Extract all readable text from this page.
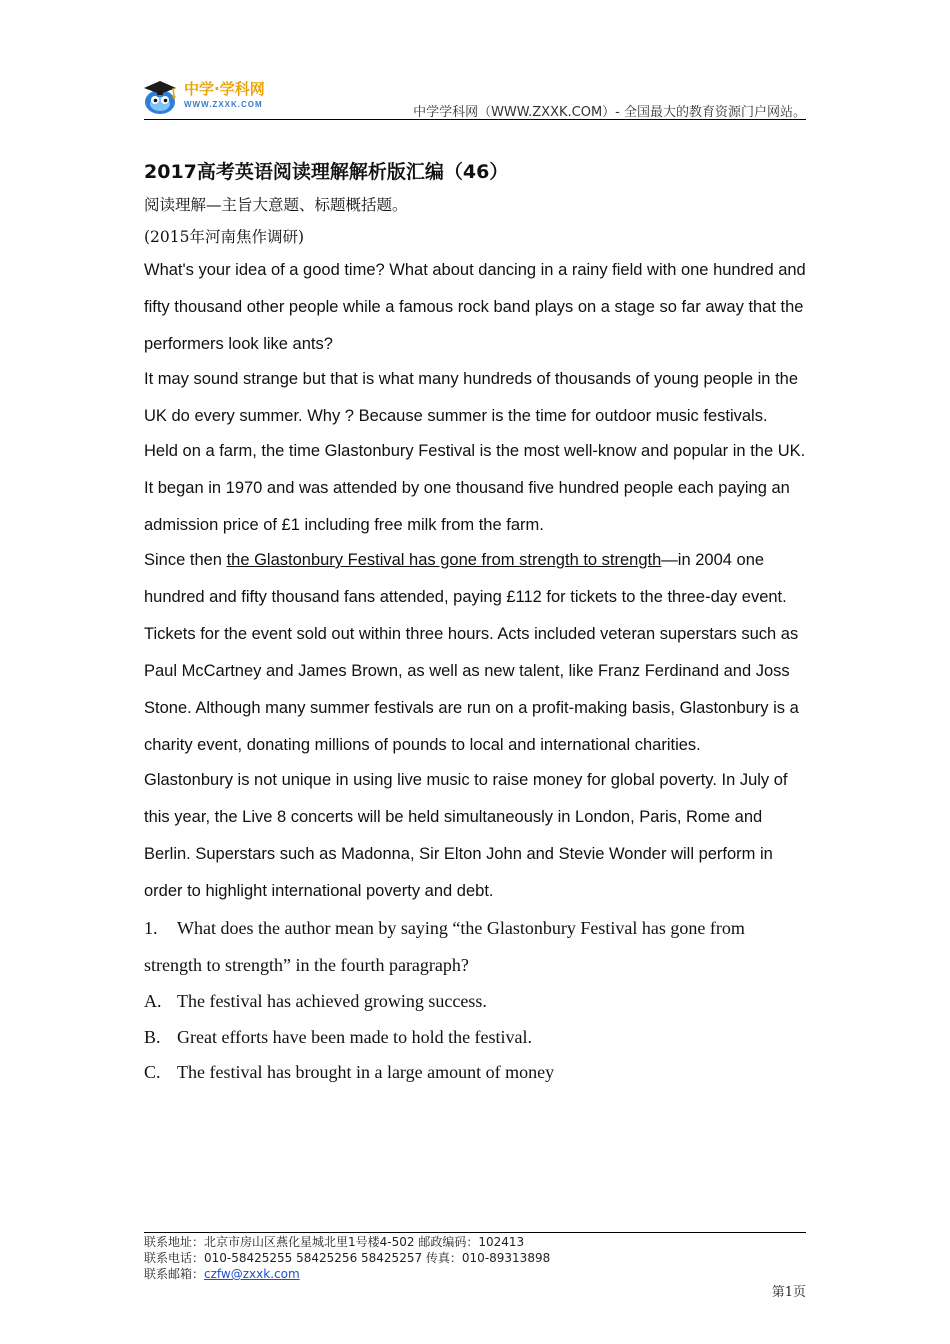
中学·学科网
WWW.ZXXK.COM
中学学科网（WWW.ZXXK.COM）- 全国最大的教育资源门户网站。
2017高考英语阅读理解解析版汇编（46）
阅读理解—主旨大意题、标题概括题。
(2015年河南焦作调研)

What's your idea of a good time? What about dancing in a rainy field with one hundred and fifty thousand other people while a famous rock band plays on a stage so far away that the performers look like ants?

It may sound strange but that is what many hundreds of thousands of young people in the UK do every summer. Why ? Because summer is the time for outdoor music festivals.

Held on a farm, the time Glastonbury Festival is the most well-know and popular in the UK. It began in 1970 and was attended by one thousand five hundred people each paying an admission price of £1 including free milk from the farm.

Since then the Glastonbury Festival has gone from strength to strength—in 2004 one hundred and fifty thousand fans attended, paying £112 for tickets to the three-day event. Tickets for the event sold out within three hours. Acts included veteran superstars such as Paul McCartney and James Brown, as well as new talent, like Franz Ferdinand and Joss Stone. Although many summer festivals are run on a profit-making basis, Glastonbury is a charity event, donating millions of pounds to local and international charities.

Glastonbury is not unique in using live music to raise money for global poverty. In July of this year, the Live 8 concerts will be held simultaneously in London, Paris, Rome and Berlin. Superstars such as Madonna, Sir Elton John and Stevie Wonder will perform in order to highlight international poverty and debt.

1. What does the author mean by saying “the Glastonbury Festival has gone from strength to strength” in the fourth paragraph?

A. The festival has achieved growing success.

B. Great efforts have been made to hold the festival.

C. The festival has brought in a large amount of money

联系地址：北京市房山区燕化星城北里1号楼4-502 邮政编码：102413
联系电话：010-58425255 58425256 58425257 传真：010-89313898
联系邮箱：czfw@zxxk.com
第1页
